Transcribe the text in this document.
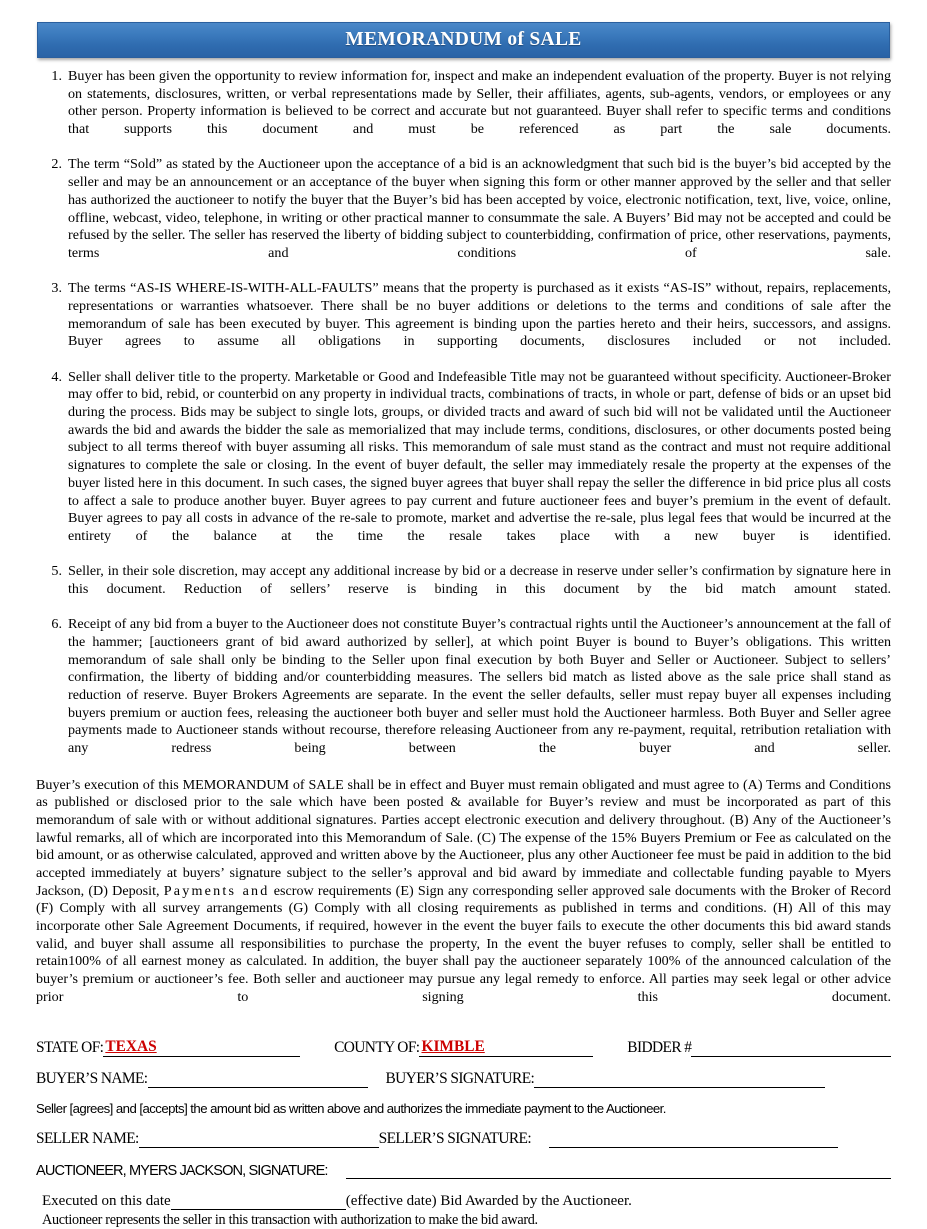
MEMORANDUM of SALE
1. Buyer has been given the opportunity to review information for, inspect and make an independent evaluation of the property. Buyer is not relying on statements, disclosures, written, or verbal representations made by Seller, their affiliates, agents, sub-agents, vendors, or employees or any other person. Property information is believed to be correct and accurate but not guaranteed. Buyer shall refer to specific terms and conditions that supports this document and must be referenced as part the sale documents.
2. The term “Sold” as stated by the Auctioneer upon the acceptance of a bid is an acknowledgment that such bid is the buyer’s bid accepted by the seller and may be an announcement or an acceptance of the buyer when signing this form or other manner approved by the seller and that seller has authorized the auctioneer to notify the buyer that the Buyer’s bid has been accepted by voice, electronic notification, text, live, voice, online, offline, webcast, video, telephone, in writing or other practical manner to consummate the sale. A Buyers’ Bid may not be accepted and could be refused by the seller. The seller has reserved the liberty of bidding subject to counterbidding, confirmation of price, other reservations, payments, terms and conditions of sale.
3. The terms “AS-IS WHERE-IS-WITH-ALL-FAULTS” means that the property is purchased as it exists “AS-IS” without, repairs, replacements, representations or warranties whatsoever. There shall be no buyer additions or deletions to the terms and conditions of sale after the memorandum of sale has been executed by buyer. This agreement is binding upon the parties hereto and their heirs, successors, and assigns. Buyer agrees to assume all obligations in supporting documents, disclosures included or not included.
4. Seller shall deliver title to the property. Marketable or Good and Indefeasible Title may not be guaranteed without specificity. Auctioneer-Broker may offer to bid, rebid, or counterbid on any property in individual tracts, combinations of tracts, in whole or part, defense of bids or an upset bid during the process. Bids may be subject to single lots, groups, or divided tracts and award of such bid will not be validated until the Auctioneer awards the bid and awards the bidder the sale as memorialized that may include terms, conditions, disclosures, or other documents posted being subject to all terms thereof with buyer assuming all risks. This memorandum of sale must stand as the contract and must not require additional signatures to complete the sale or closing. In the event of buyer default, the seller may immediately resale the property at the expenses of the buyer listed here in this document. In such cases, the signed buyer agrees that buyer shall repay the seller the difference in bid price plus all costs to affect a sale to produce another buyer. Buyer agrees to pay current and future auctioneer fees and buyer’s premium in the event of default. Buyer agrees to pay all costs in advance of the re-sale to promote, market and advertise the re-sale, plus legal fees that would be incurred at the entirety of the balance at the time the resale takes place with a new buyer is identified.
5. Seller, in their sole discretion, may accept any additional increase by bid or a decrease in reserve under seller’s confirmation by signature here in this document. Reduction of sellers’ reserve is binding in this document by the bid match amount stated.
6. Receipt of any bid from a buyer to the Auctioneer does not constitute Buyer’s contractual rights until the Auctioneer’s announcement at the fall of the hammer; [auctioneers grant of bid award authorized by seller], at which point Buyer is bound to Buyer’s obligations. This written memorandum of sale shall only be binding to the Seller upon final execution by both Buyer and Seller or Auctioneer. Subject to sellers’ confirmation, the liberty of bidding and/or counterbidding measures. The sellers bid match as listed above as the sale price shall stand as reduction of reserve. Buyer Brokers Agreements are separate. In the event the seller defaults, seller must repay buyer all expenses including buyers premium or auction fees, releasing the auctioneer both buyer and seller must hold the Auctioneer harmless. Both Buyer and Seller agree payments made to Auctioneer stands without recourse, therefore releasing Auctioneer from any re-payment, requital, retribution retaliation with any redress being between the buyer and seller.

Buyer’s execution of this MEMORANDUM of SALE shall be in effect and Buyer must remain obligated and must agree to (A) Terms and Conditions as published or disclosed prior to the sale which have been posted & available for Buyer’s review and must be incorporated as part of this memorandum of sale with or without additional signatures. Parties accept electronic execution and delivery throughout. (B) Any of the Auctioneer’s lawful remarks, all of which are incorporated into this Memorandum of Sale. (C) The expense of the 15% Buyers Premium or Fee as calculated on the bid amount, or as otherwise calculated, approved and written above by the Auctioneer, plus any other Auctioneer fee must be paid in addition to the bid accepted immediately at buyers’ signature subject to the seller’s approval and bid award by immediate and collectable funding payable to Myers Jackson, (D) Deposit, Payments and escrow requirements (E) Sign any corresponding seller approved sale documents with the Broker of Record (F) Comply with all survey arrangements (G) Comply with all closing requirements as published in terms and conditions. (H) All of this may incorporate other Sale Agreement Documents, if required, however in the event the buyer fails to execute the other documents this bid award stands valid, and buyer shall assume all responsibilities to purchase the property, In the event the buyer refuses to comply, seller shall be entitled to retain100% of all earnest money as calculated. In addition, the buyer shall pay the auctioneer separately 100% of the announced calculation of the buyer’s premium or auctioneer’s fee. Both seller and auctioneer may pursue any legal remedy to enforce. All parties may seek legal or other advice prior to signing this document.

STATE OF: TEXAS	COUNTY OF: KIMBLE	BIDDER #
BUYER’S NAME:	BUYER’S SIGNATURE:

Seller [agrees] and [accepts] the amount bid as written above and authorizes the immediate payment to the Auctioneer.

SELLER NAME:	SELLER’S SIGNATURE:
AUCTIONEER, MYERS JACKSON, SIGNATURE:
Executed on this date	(effective date) Bid Awarded by the Auctioneer.
Auctioneer represents the seller in this transaction with authorization to make the bid award.
